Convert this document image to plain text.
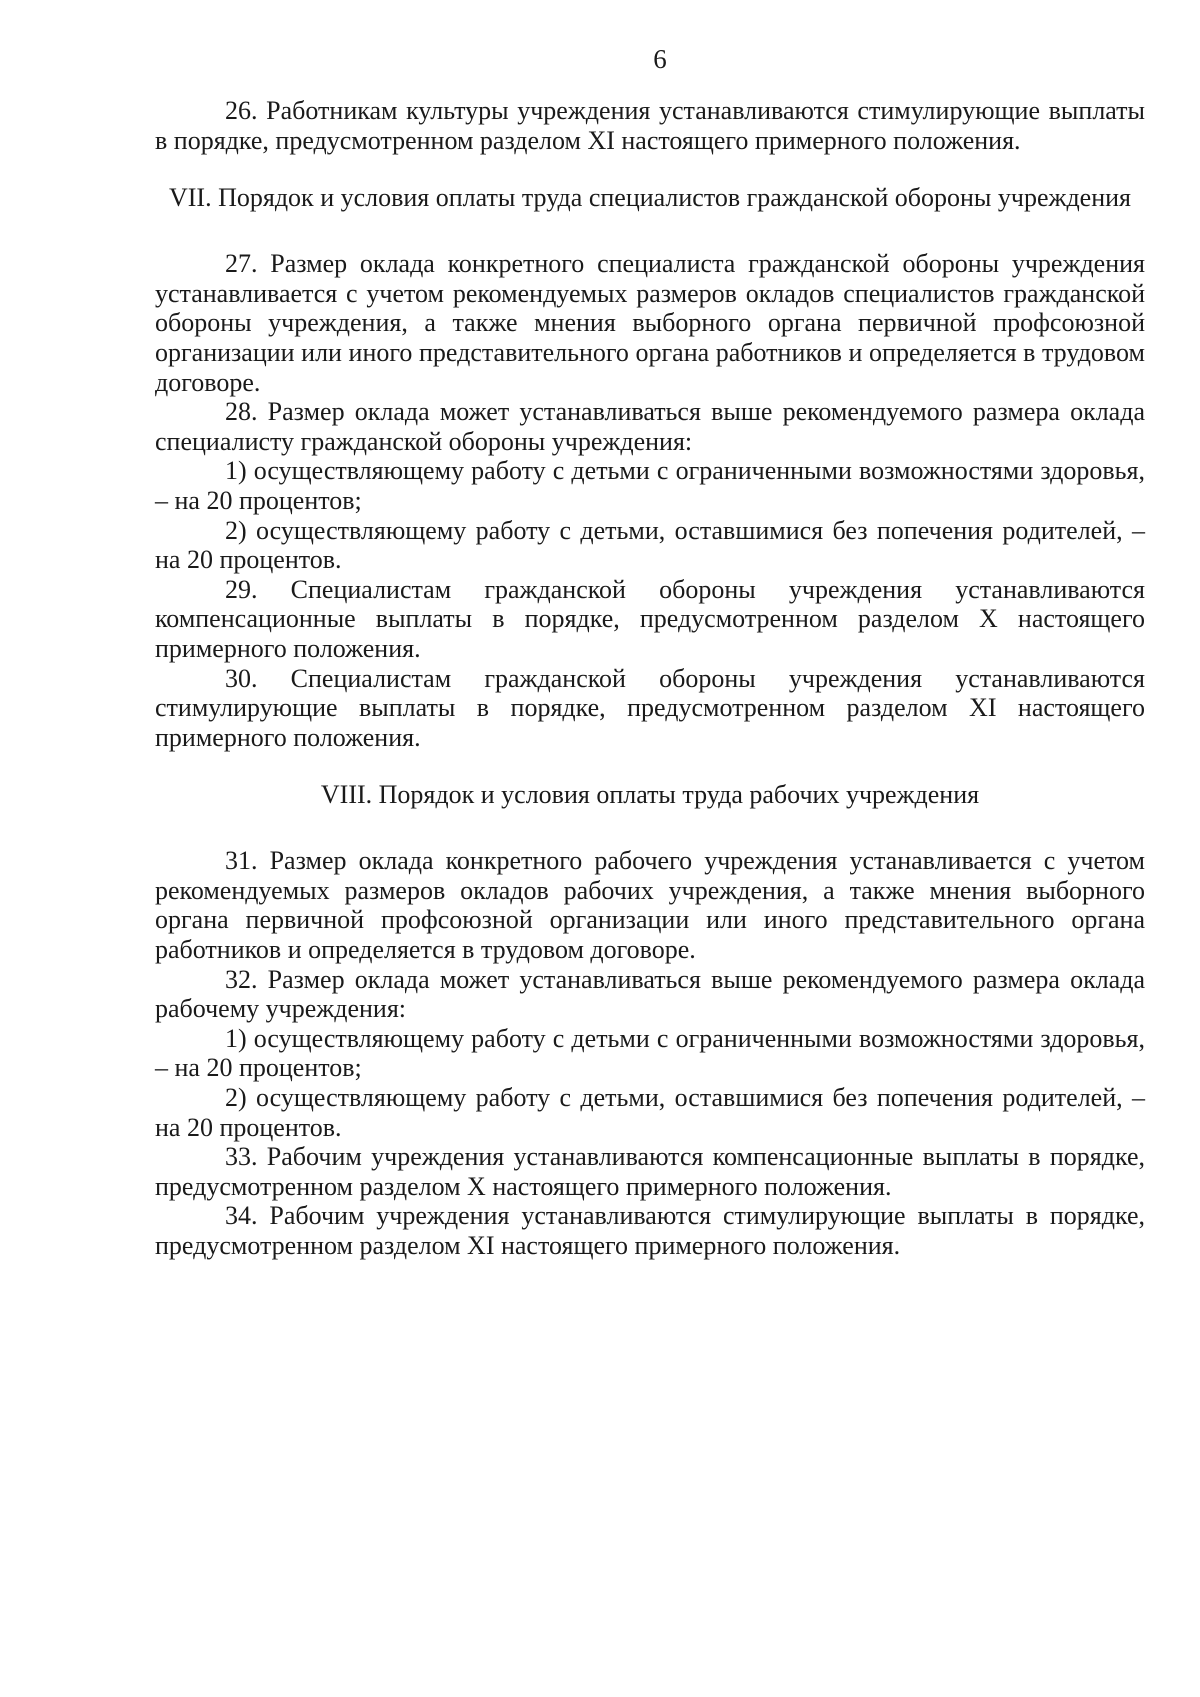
6

26. Работникам культуры учреждения устанавливаются стимулирующие выплаты в порядке, предусмотренном разделом XI настоящего примерного положения.

VII. Порядок и условия оплаты труда специалистов гражданской обороны учреждения

27. Размер оклада конкретного специалиста гражданской обороны учреждения устанавливается с учетом рекомендуемых размеров окладов специалистов гражданской обороны учреждения, а также мнения выборного органа первичной профсоюзной организации или иного представительного органа работников и определяется в трудовом договоре.

28. Размер оклада может устанавливаться выше рекомендуемого размера оклада специалисту гражданской обороны учреждения:

1) осуществляющему работу с детьми с ограниченными возможностями здоровья, – на 20 процентов;

2) осуществляющему работу с детьми, оставшимися без попечения родителей, – на 20 процентов.

29. Специалистам гражданской обороны учреждения устанавливаются компенсационные выплаты в порядке, предусмотренном разделом X настоящего примерного положения.

30. Специалистам гражданской обороны учреждения устанавливаются стимулирующие выплаты в порядке, предусмотренном разделом XI настоящего примерного положения.

VIII. Порядок и условия оплаты труда рабочих учреждения

31. Размер оклада конкретного рабочего учреждения устанавливается с учетом рекомендуемых размеров окладов рабочих учреждения, а также мнения выборного органа первичной профсоюзной организации или иного представительного органа работников и определяется в трудовом договоре.

32. Размер оклада может устанавливаться выше рекомендуемого размера оклада рабочему учреждения:

1) осуществляющему работу с детьми с ограниченными возможностями здоровья, – на 20 процентов;

2) осуществляющему работу с детьми, оставшимися без попечения родителей, – на 20 процентов.

33. Рабочим учреждения устанавливаются компенсационные выплаты в порядке, предусмотренном разделом X настоящего примерного положения.

34. Рабочим учреждения устанавливаются стимулирующие выплаты в порядке, предусмотренном разделом XI настоящего примерного положения.
